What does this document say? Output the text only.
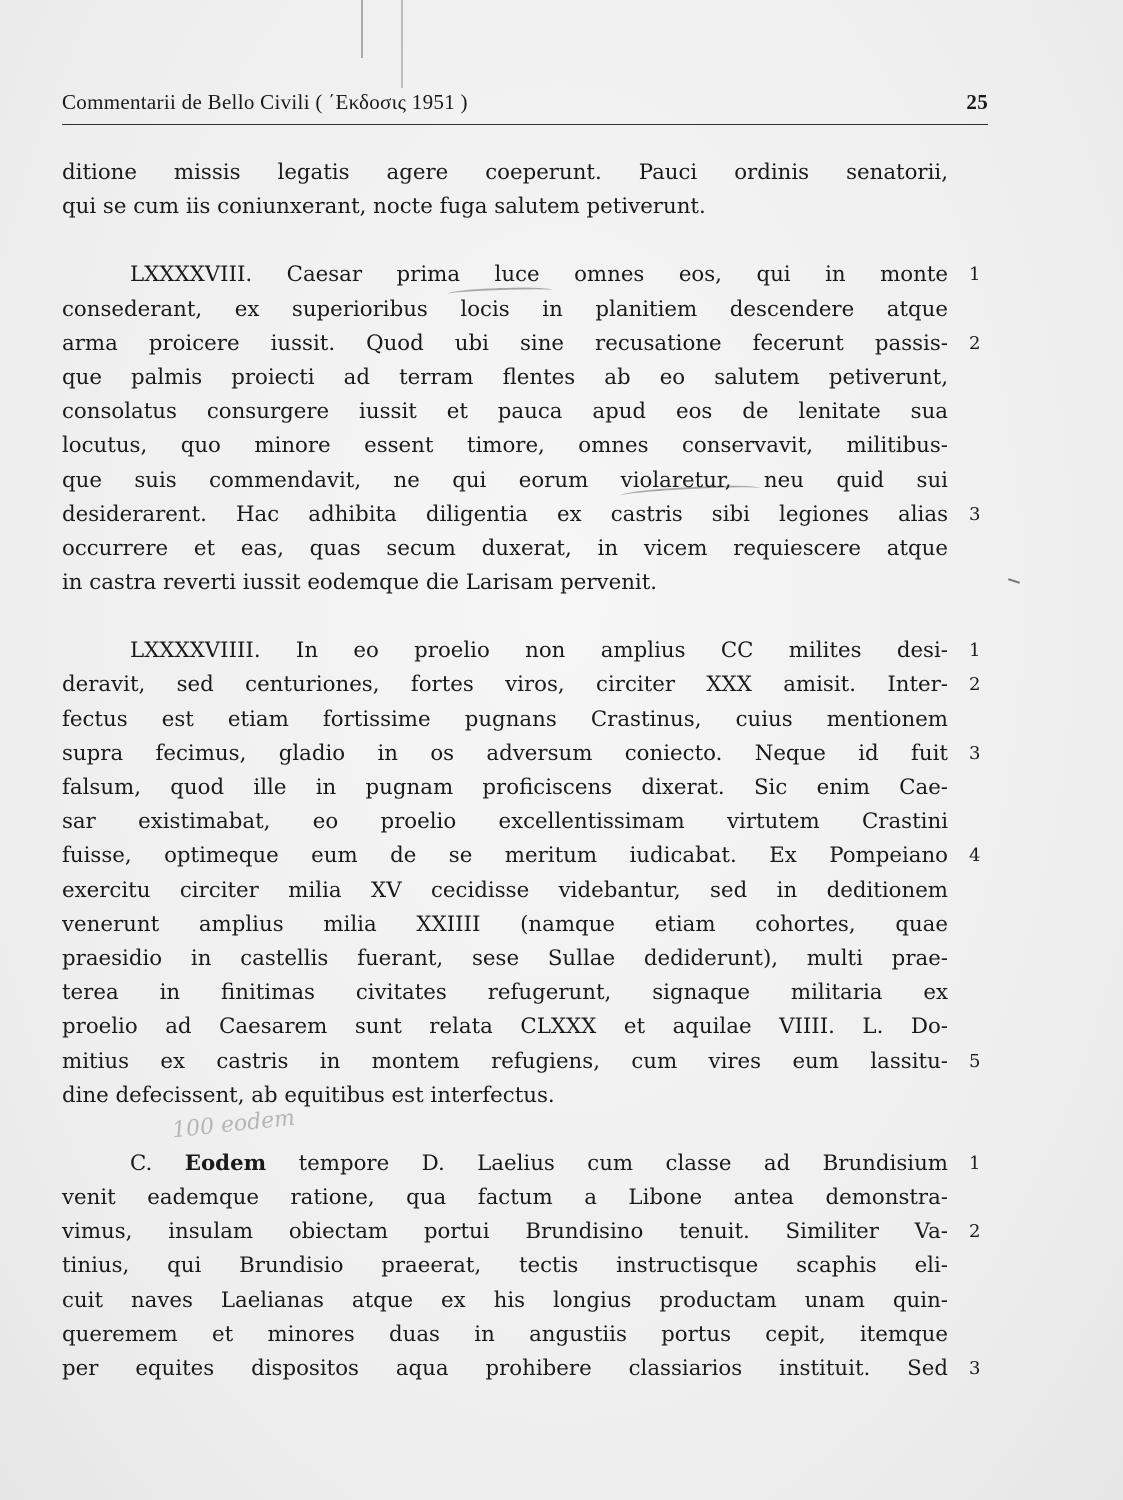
Commentarii de Bello Civili ( ΄Εκδοσις 1951 )	25
100 eodem
ditione missis legatis agere coeperunt. Pauci ordinis senatorii,
qui se cum iis coniunxerant, nocte fuga salutem petiverunt.
LXXXXVIII. Caesar prima luce omnes eos, qui in monte 1
consederant, ex superioribus locis in planitiem descendere atque
arma proicere iussit. Quod ubi sine recusatione fecerunt passis- 2
que palmis proiecti ad terram flentes ab eo salutem petiverunt,
consolatus consurgere iussit et pauca apud eos de lenitate sua
locutus, quo minore essent timore, omnes conservavit, militibus-
que suis commendavit, ne qui eorum violaretur, neu quid sui
desiderarent. Hac adhibita diligentia ex castris sibi legiones alias 3
occurrere et eas, quas secum duxerat, in vicem requiescere atque
in castra reverti iussit eodemque die Larisam pervenit.
LXXXXVIIII. In eo proelio non amplius CC milites desi- 1
deravit, sed centuriones, fortes viros, circiter XXX amisit. Inter- 2
fectus est etiam fortissime pugnans Crastinus, cuius mentionem
supra fecimus, gladio in os adversum coniecto. Neque id fuit 3
falsum, quod ille in pugnam proficiscens dixerat. Sic enim Cae-
sar existimabat, eo proelio excellentissimam virtutem Crastini
fuisse, optimeque eum de se meritum iudicabat. Ex Pompeiano 4
exercitu circiter milia XV cecidisse videbantur, sed in deditionem
venerunt amplius milia XXIIII (namque etiam cohortes, quae
praesidio in castellis fuerant, sese Sullae dediderunt), multi prae-
terea in finitimas civitates refugerunt, signaque militaria ex
proelio ad Caesarem sunt relata CLXXX et aquilae VIIII. L. Do-
mitius ex castris in montem refugiens, cum vires eum lassitu- 5
dine defecissent, ab equitibus est interfectus.
C. Eodem tempore D. Laelius cum classe ad Brundisium 1
venit eademque ratione, qua factum a Libone antea demonstra-
vimus, insulam obiectam portui Brundisino tenuit. Similiter Va- 2
tinius, qui Brundisio praeerat, tectis instructisque scaphis eli-
cuit naves Laelianas atque ex his longius productam unam quin-
queremem et minores duas in angustiis portus cepit, itemque
per equites dispositos aqua prohibere classiarios instituit. Sed 3
